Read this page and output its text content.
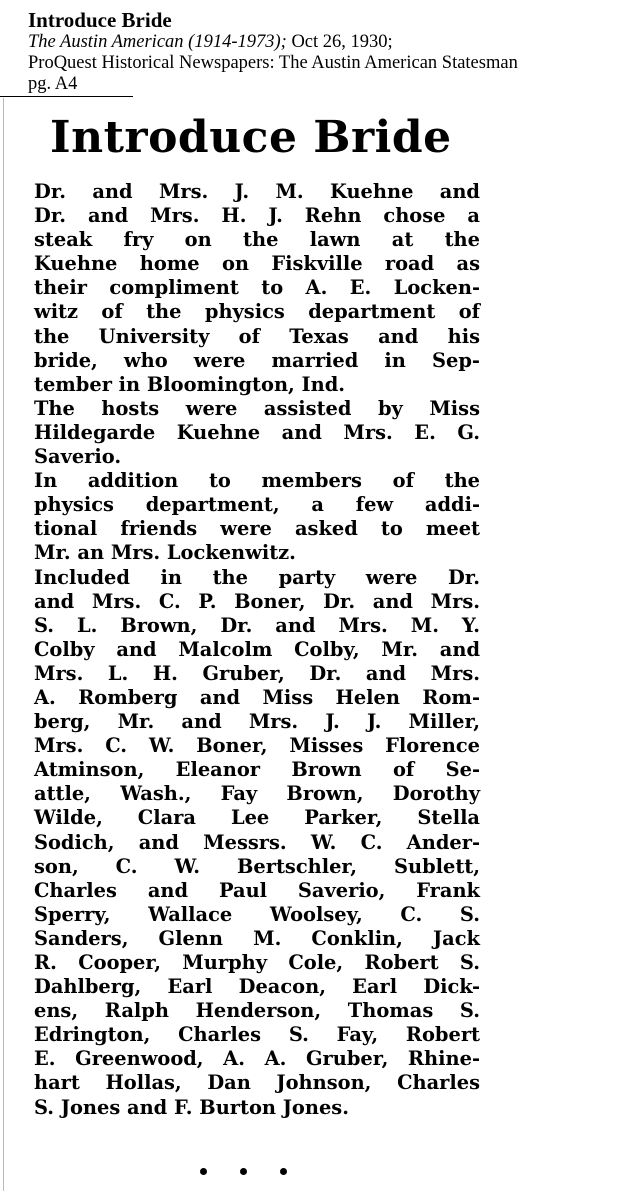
Introduce Bride
The Austin American (1914-1973); Oct 26, 1930;
ProQuest Historical Newspapers: The Austin American Statesman
pg. A4
Introduce Bride

Dr. and Mrs. J. M. Kuehne and
Dr. and Mrs. H. J. Rehn chose a
steak fry on the lawn at the
Kuehne home on Fiskville road as
their compliment to A. E. Locken-
witz of the physics department of
the University of Texas and his
bride, who were married in Sep-
tember in Bloomington, Ind.

The hosts were assisted by Miss
Hildegarde Kuehne and Mrs. E. G.
Saverio.

In addition to members of the
physics department, a few addi-
tional friends were asked to meet
Mr. an Mrs. Lockenwitz.

Included in the party were Dr.
and Mrs. C. P. Boner, Dr. and Mrs.
S. L. Brown, Dr. and Mrs. M. Y.
Colby and Malcolm Colby, Mr. and
Mrs. L. H. Gruber, Dr. and Mrs.
A. Romberg and Miss Helen Rom-
berg, Mr. and Mrs. J. J. Miller,
Mrs. C. W. Boner, Misses Florence
Atminson, Eleanor Brown of Se-
attle, Wash., Fay Brown, Dorothy
Wilde, Clara Lee Parker, Stella
Sodich, and Messrs. W. C. Ander-
son, C. W. Bertschler, Sublett,
Charles and Paul Saverio, Frank
Sperry, Wallace Woolsey, C. S.
Sanders, Glenn M. Conklin, Jack
R. Cooper, Murphy Cole, Robert S.
Dahlberg, Earl Deacon, Earl Dick-
ens, Ralph Henderson, Thomas S.
Edrington, Charles S. Fay, Robert
E. Greenwood, A. A. Gruber, Rhine-
hart Hollas, Dan Johnson, Charles
S. Jones and F. Burton Jones.
